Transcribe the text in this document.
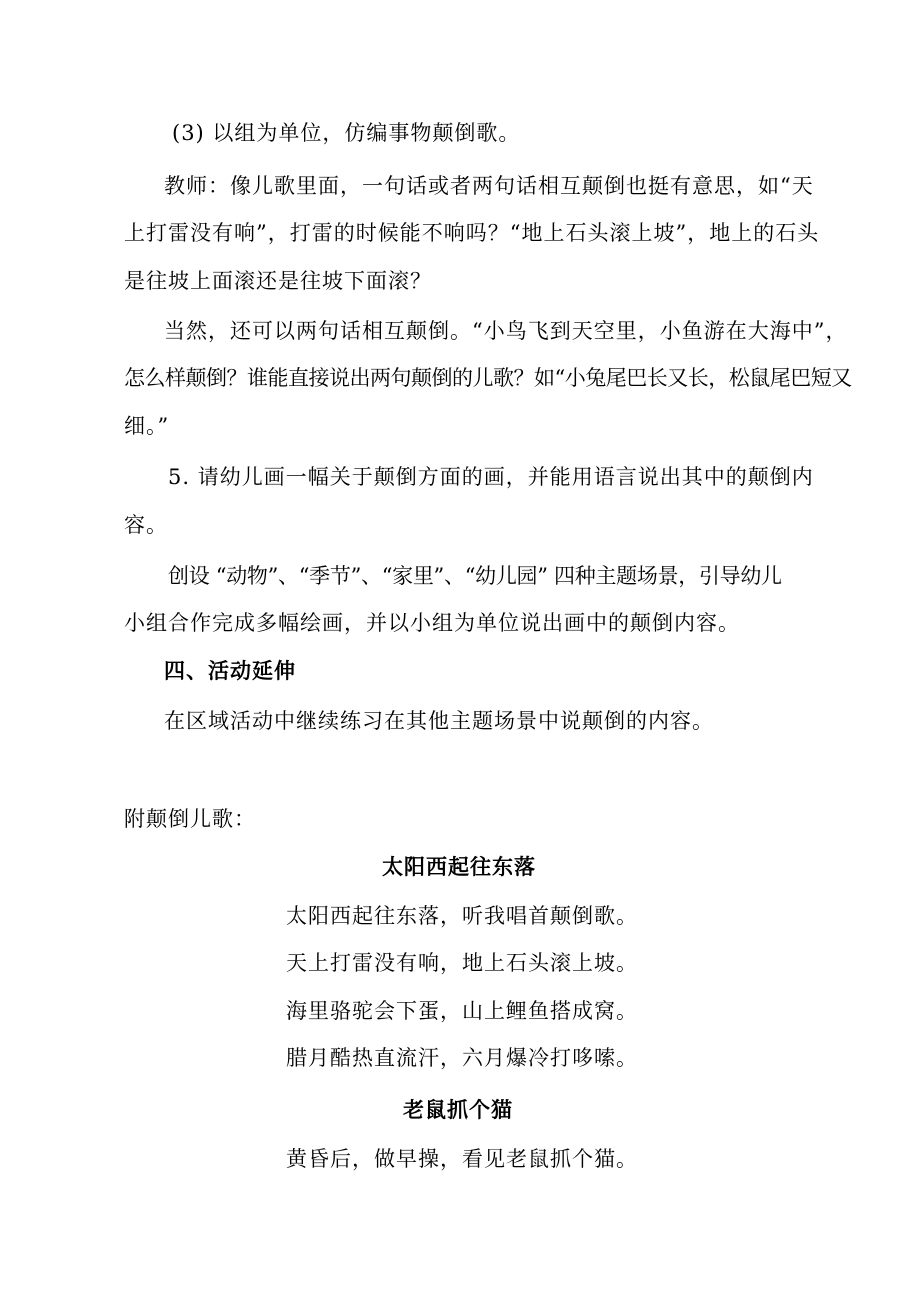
(3) 以组为单位，仿编事物颠倒歌。
教师：像儿歌里面，一句话或者两句话相互颠倒也挺有意思，如“天
上打雷没有响”，打雷的时候能不响吗？“地上石头滚上坡”，地上的石头
是往坡上面滚还是往坡下面滚？
当然，还可以两句话相互颠倒。“小鸟飞到天空里，小鱼游在大海中”，
怎么样颠倒？谁能直接说出两句颠倒的儿歌？如“小兔尾巴长又长，松鼠尾巴短又
细。”
5. 请幼儿画一幅关于颠倒方面的画，并能用语言说出其中的颠倒内
容。
创设 “动物”、“季节”、“家里”、“幼儿园” 四种主题场景，引导幼儿
小组合作完成多幅绘画，并以小组为单位说出画中的颠倒内容。
四、活动延伸
在区域活动中继续练习在其他主题场景中说颠倒的内容。
附颠倒儿歌：
太阳西起往东落
太阳西起往东落，听我唱首颠倒歌。
天上打雷没有响，地上石头滚上坡。
海里骆驼会下蛋，山上鲤鱼搭成窝。
腊月酷热直流汗，六月爆冷打哆嗦。
老鼠抓个猫
黄昏后，做早操，看见老鼠抓个猫。
